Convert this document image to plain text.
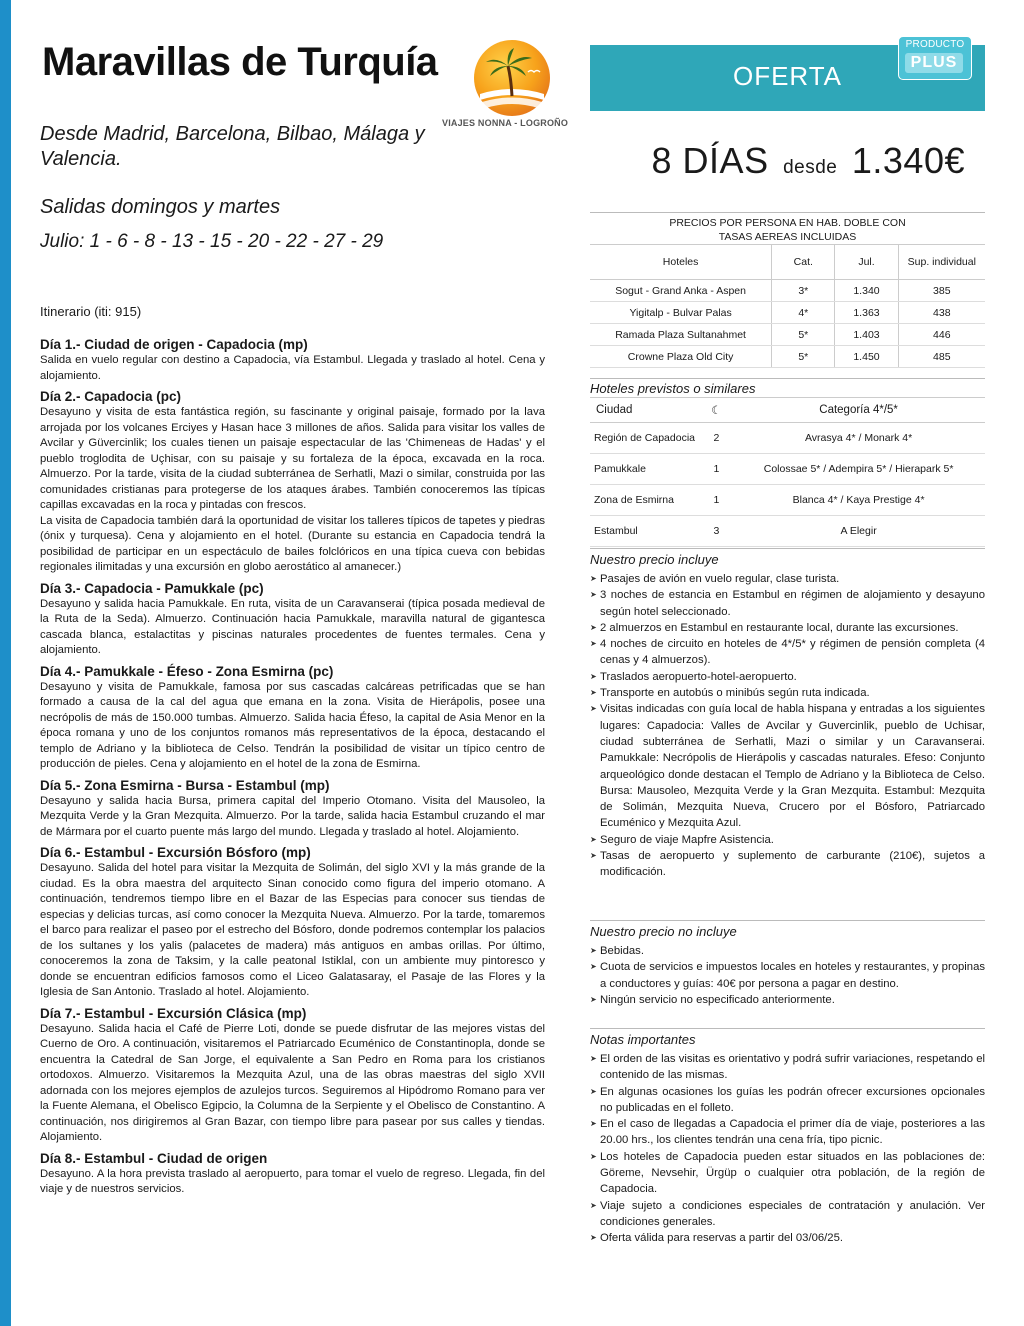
Maravillas de Turquía
VIAJES NONNA - LOGROÑO
Desde Madrid, Barcelona, Bilbao, Málaga y Valencia.
Salidas domingos y martes
Julio: 1 - 6 - 8 - 13 - 15 - 20 - 22 - 27 - 29
OFERTA
PRODUCTO
PLUS
8 DÍAS desde 1.340€
Itinerario (iti: 915)
Día 1.- Ciudad de origen - Capadocia (mp)
Salida en vuelo regular con destino a Capadocia, vía Estambul. Llegada y traslado al hotel. Cena y alojamiento.
Día 2.- Capadocia (pc)
Desayuno y visita de esta fantástica región, su fascinante y original paisaje, formado por la lava arrojada por los volcanes Erciyes y Hasan hace 3 millones de años. Salida para visitar los valles de Avcilar y Güvercinlik; los cuales tienen un paisaje espectacular de las 'Chimeneas de Hadas' y el pueblo troglodita de Uçhisar, con su paisaje y su fortaleza de la época, excavada en la roca. Almuerzo. Por la tarde, visita de la ciudad subterránea de Serhatli, Mazi o similar, construida por las comunidades cristianas para protegerse de los ataques árabes. También conoceremos las típicas capillas excavadas en la roca y pintadas con frescos.
La visita de Capadocia también dará la oportunidad de visitar los talleres típicos de tapetes y piedras (ónix y turquesa). Cena y alojamiento en el hotel. (Durante su estancia en Capadocia tendrá la posibilidad de participar en un espectáculo de bailes folclóricos en una típica cueva con bebidas regionales ilimitadas y una excursión en globo aerostático al amanecer.)
Día 3.- Capadocia - Pamukkale (pc)
Desayuno y salida hacia Pamukkale. En ruta, visita de un Caravanserai (típica posada medieval de la Ruta de la Seda). Almuerzo. Continuación hacia Pamukkale, maravilla natural de gigantesca cascada blanca, estalactitas y piscinas naturales procedentes de fuentes termales. Cena y alojamiento.
Día 4.- Pamukkale - Éfeso - Zona Esmirna (pc)
Desayuno y visita de Pamukkale, famosa por sus cascadas calcáreas petrificadas que se han formado a causa de la cal del agua que emana en la zona. Visita de Hierápolis, posee una necrópolis de más de 150.000 tumbas. Almuerzo. Salida hacia Éfeso, la capital de Asia Menor en la época romana y uno de los conjuntos romanos más representativos de la época, destacando el templo de Adriano y la biblioteca de Celso. Tendrán la posibilidad de visitar un típico centro de producción de pieles. Cena y alojamiento en el hotel de la zona de Esmirna.
Día 5.- Zona Esmirna - Bursa - Estambul (mp)
Desayuno y salida hacia Bursa, primera capital del Imperio Otomano. Visita del Mausoleo, la Mezquita Verde y la Gran Mezquita. Almuerzo. Por la tarde, salida hacia Estambul cruzando el mar de Mármara por el cuarto puente más largo del mundo. Llegada y traslado al hotel. Alojamiento.
Día 6.- Estambul - Excursión Bósforo (mp)
Desayuno. Salida del hotel para visitar la Mezquita de Solimán, del siglo XVI y la más grande de la ciudad. Es la obra maestra del arquitecto Sinan conocido como figura del imperio otomano. A continuación, tendremos tiempo libre en el Bazar de las Especias para conocer sus tiendas de especias y delicias turcas, así como conocer la Mezquita Nueva. Almuerzo. Por la tarde, tomaremos el barco para realizar el paseo por el estrecho del Bósforo, donde podremos contemplar los palacios de los sultanes y los yalis (palacetes de madera) más antiguos en ambas orillas. Por último, conoceremos la zona de Taksim, y la calle peatonal Istiklal, con un ambiente muy pintoresco y donde se encuentran edificios famosos como el Liceo Galatasaray, el Pasaje de las Flores y la Iglesia de San Antonio. Traslado al hotel. Alojamiento.
Día 7.- Estambul - Excursión Clásica (mp)
Desayuno. Salida hacia el Café de Pierre Loti, donde se puede disfrutar de las mejores vistas del Cuerno de Oro. A continuación, visitaremos el Patriarcado Ecuménico de Constantinopla, donde se encuentra la Catedral de San Jorge, el equivalente a San Pedro en Roma para los cristianos ortodoxos. Almuerzo. Visitaremos la Mezquita Azul, una de las obras maestras del siglo XVII adornada con los mejores ejemplos de azulejos turcos. Seguiremos al Hipódromo Romano para ver la Fuente Alemana, el Obelisco Egipcio, la Columna de la Serpiente y el Obelisco de Constantino. A continuación, nos dirigiremos al Gran Bazar, con tiempo libre para pasear por sus calles y tiendas. Alojamiento.
Día 8.- Estambul - Ciudad de origen
Desayuno. A la hora prevista traslado al aeropuerto, para tomar el vuelo de regreso. Llegada, fin del viaje y de nuestros servicios.
PRECIOS POR PERSONA EN HAB. DOBLE CON
TASAS AEREAS INCLUIDAS
Hoteles	Cat.	Jul.	Sup. individual
Sogut - Grand Anka - Aspen	3*	1.340	385
Yigitalp - Bulvar Palas	4*	1.363	438
Ramada Plaza Sultanahmet	5*	1.403	446
Crowne Plaza Old City	5*	1.450	485
Hoteles previstos o similares
Ciudad	☾	Categoría 4*/5*
Región de Capadocia	2	Avrasya 4* / Monark 4*
Pamukkale	1	Colossae 5* / Adempira 5* / Hierapark 5*
Zona de Esmirna	1	Blanca 4* / Kaya Prestige 4*
Estambul	3	A Elegir
Nuestro precio incluye
➤ Pasajes de avión en vuelo regular, clase turista.
➤ 3 noches de estancia en Estambul en régimen de alojamiento y desayuno según hotel seleccionado.
➤ 2 almuerzos en Estambul en restaurante local, durante las excursiones.
➤ 4 noches de circuito en hoteles de 4*/5* y régimen de pensión completa (4 cenas y 4 almuerzos).
➤ Traslados aeropuerto-hotel-aeropuerto.
➤ Transporte en autobús o minibús según ruta indicada.
➤ Visitas indicadas con guía local de habla hispana y entradas a los siguientes lugares: Capadocia: Valles de Avcilar y Guvercinlik, pueblo de Uchisar, ciudad subterránea de Serhatli, Mazi o similar y un Caravanserai. Pamukkale: Necrópolis de Hierápolis y cascadas naturales. Efeso: Conjunto arqueológico donde destacan el Templo de Adriano y la Biblioteca de Celso. Bursa: Mausoleo, Mezquita Verde y la Gran Mezquita. Estambul: Mezquita de Solimán, Mezquita Nueva, Crucero por el Bósforo, Patriarcado Ecuménico y Mezquita Azul.
➤ Seguro de viaje Mapfre Asistencia.
➤ Tasas de aeropuerto y suplemento de carburante (210€), sujetos a modificación.
Nuestro precio no incluye
➤ Bebidas.
➤ Cuota de servicios e impuestos locales en hoteles y restaurantes, y propinas a conductores y guías: 40€ por persona a pagar en destino.
➤ Ningún servicio no especificado anteriormente.
Notas importantes
➤ El orden de las visitas es orientativo y podrá sufrir variaciones, respetando el contenido de las mismas.
➤ En algunas ocasiones los guías les podrán ofrecer excursiones opcionales no publicadas en el folleto.
➤ En el caso de llegadas a Capadocia el primer día de viaje, posteriores a las 20.00 hrs., los clientes tendrán una cena fría, tipo picnic.
➤ Los hoteles de Capadocia pueden estar situados en las poblaciones de: Göreme, Nevsehir, Ürgüp o cualquier otra población, de la región de Capadocia.
➤ Viaje sujeto a condiciones especiales de contratación y anulación. Ver condiciones generales.
➤ Oferta válida para reservas a partir del 03/06/25.
